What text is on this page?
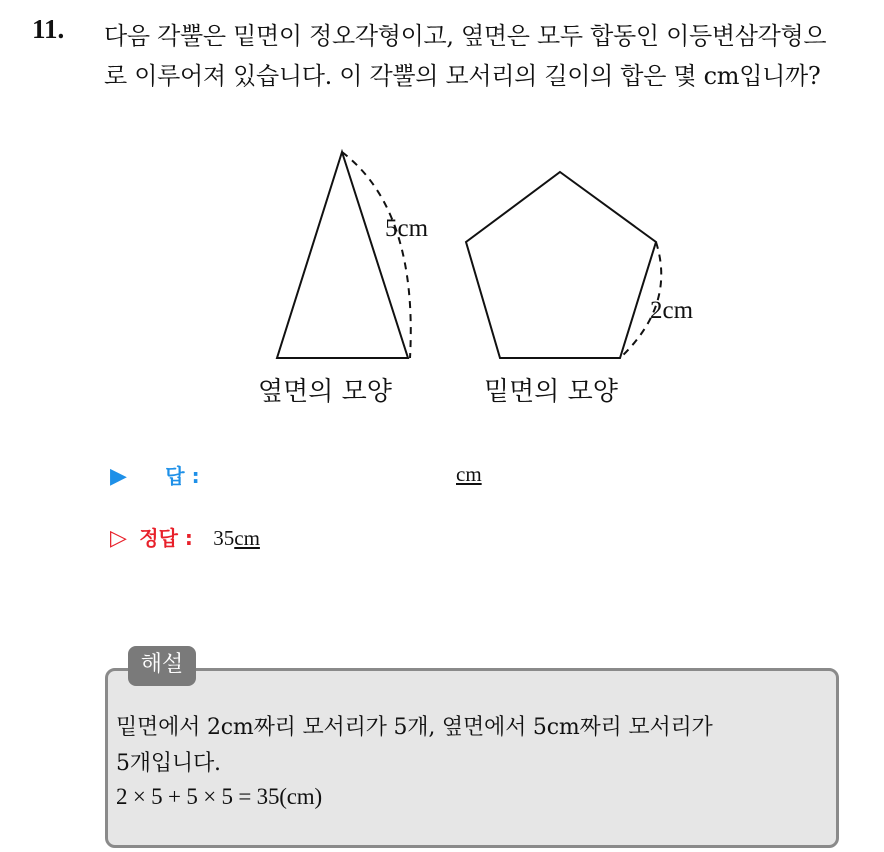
11. 다음 각뿔은 밑면이 정오각형이고, 옆면은 모두 합동인 이등변삼각형으
로 이루어져 있습니다. 이 각뿔의 모서리의 길이의 합은 몇 cm입니까?
5cm
옆면의 모양
2cm
밑면의 모양
▶ 답 :	cm
▷ 정답 : 35cm
해설
밑면에서 2cm짜리 모서리가 5개, 옆면에서 5cm짜리 모서리가
5개입니다.
2 × 5 + 5 × 5 = 35(cm)
